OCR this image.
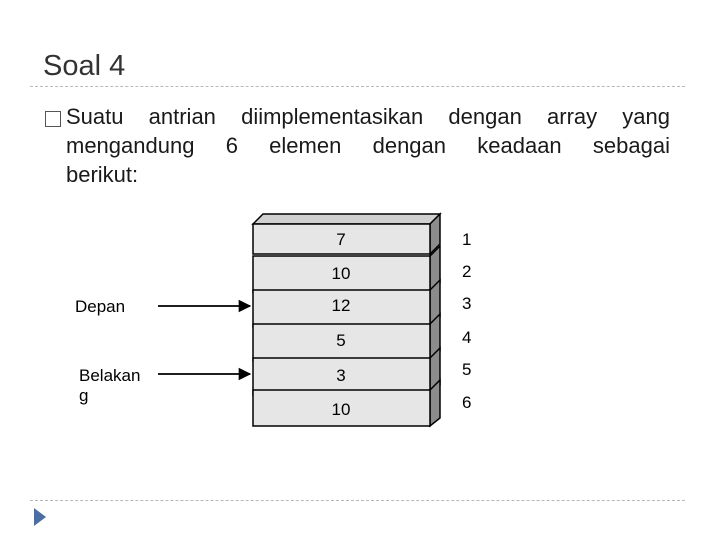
Soal 4
Suatu antrian diimplementasikan dengan array yang
mengandung 6 elemen dengan keadaan sebagai
berikut:
7
10
12
5
3
10
1
2
3
4
5
6
Depan
Belakan
g
